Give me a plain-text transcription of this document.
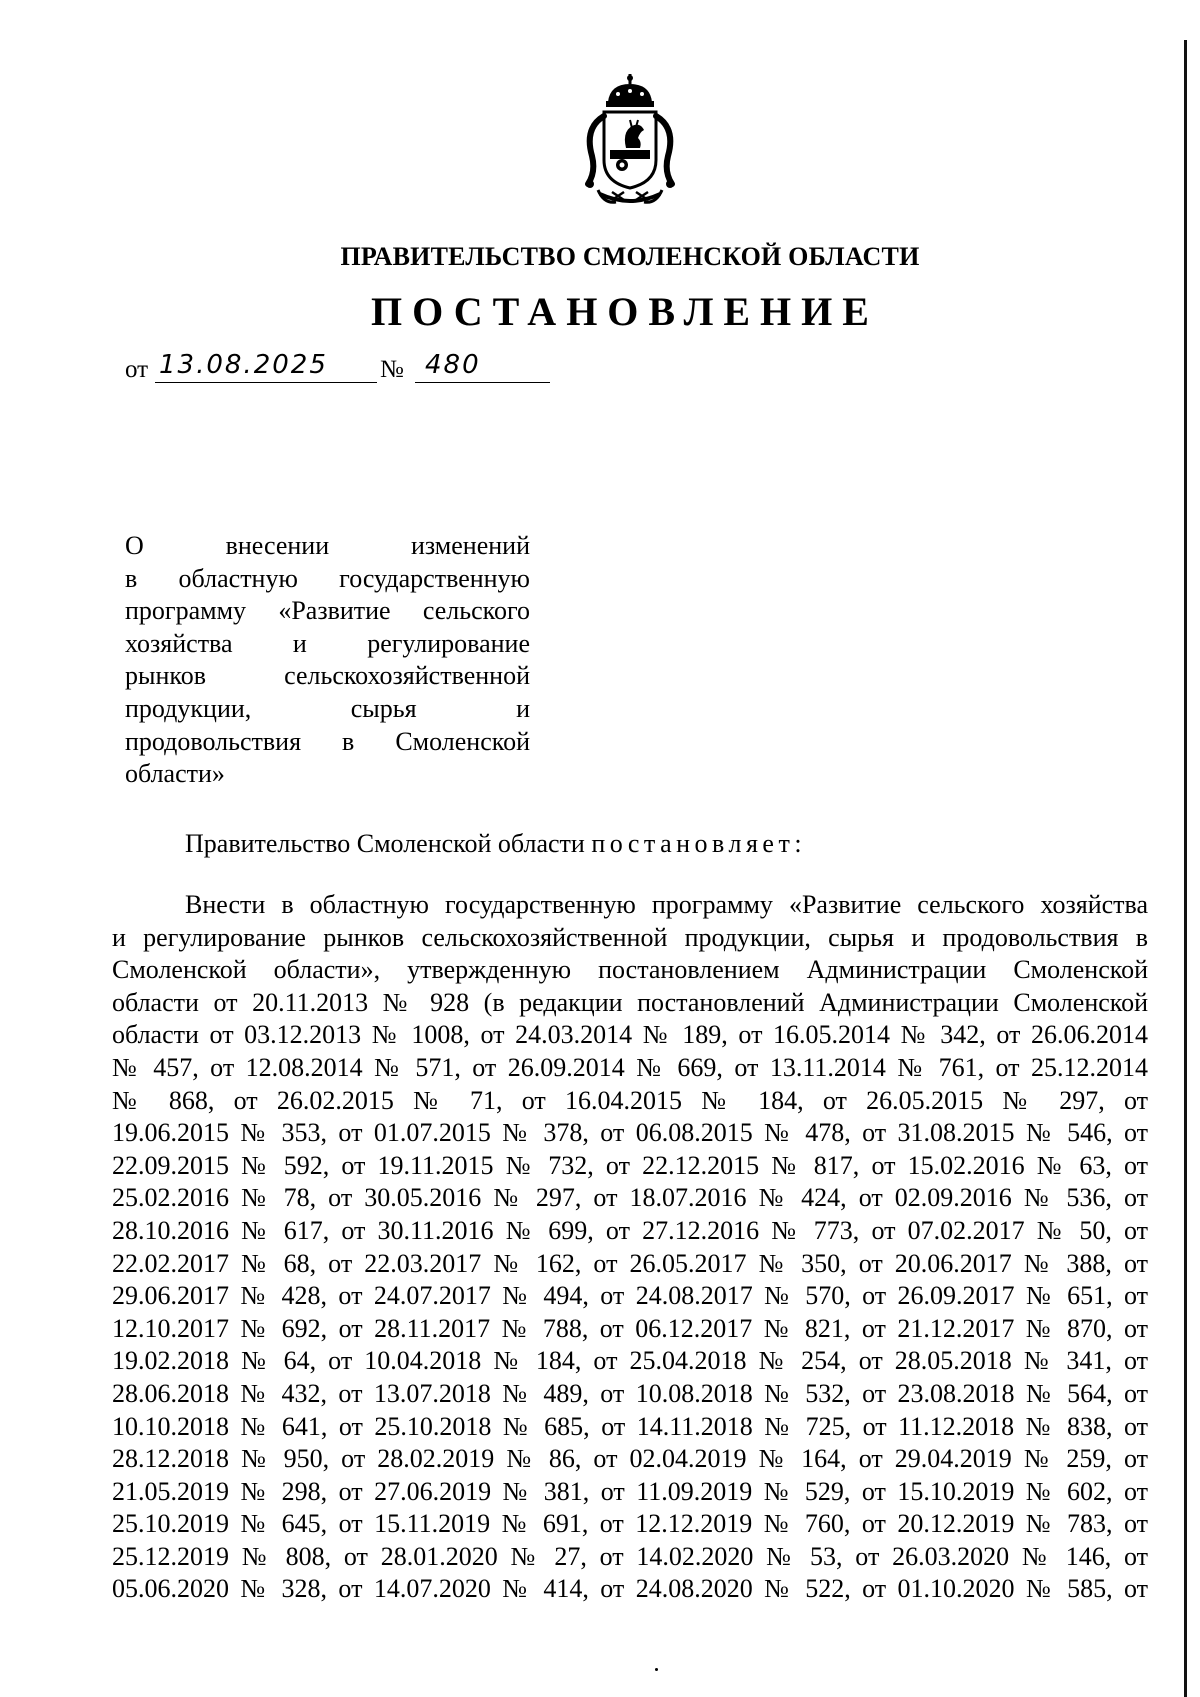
ПРАВИТЕЛЬСТВО СМОЛЕНСКОЙ ОБЛАСТИ
ПОСТАНОВЛЕНИЕ
от 13.08.2025 № 480
О внесении изменений
в областную государственную
программу «Развитие сельского
хозяйства и регулирование
рынков сельскохозяйственной
продукции, сырья и
продовольствия в Смоленской
области»
Правительство Смоленской области постановляет:
Внести в областную государственную программу «Развитие сельского хозяйства
и регулирование рынков сельскохозяйственной продукции, сырья и продовольствия в
Смоленской области», утвержденную постановлением Администрации Смоленской
области от 20.11.2013 № 928 (в редакции постановлений Администрации Смоленской
области от 03.12.2013 № 1008, от 24.03.2014 № 189, от 16.05.2014 № 342, от 26.06.2014
№ 457, от 12.08.2014 № 571, от 26.09.2014 № 669, от 13.11.2014 № 761, от 25.12.2014
№ 868, от 26.02.2015 № 71, от 16.04.2015 № 184, от 26.05.2015 № 297, от
19.06.2015 № 353, от 01.07.2015 № 378, от 06.08.2015 № 478, от 31.08.2015 № 546, от
22.09.2015 № 592, от 19.11.2015 № 732, от 22.12.2015 № 817, от 15.02.2016 № 63, от
25.02.2016 № 78, от 30.05.2016 № 297, от 18.07.2016 № 424, от 02.09.2016 № 536, от
28.10.2016 № 617, от 30.11.2016 № 699, от 27.12.2016 № 773, от 07.02.2017 № 50, от
22.02.2017 № 68, от 22.03.2017 № 162, от 26.05.2017 № 350, от 20.06.2017 № 388, от
29.06.2017 № 428, от 24.07.2017 № 494, от 24.08.2017 № 570, от 26.09.2017 № 651, от
12.10.2017 № 692, от 28.11.2017 № 788, от 06.12.2017 № 821, от 21.12.2017 № 870, от
19.02.2018 № 64, от 10.04.2018 № 184, от 25.04.2018 № 254, от 28.05.2018 № 341, от
28.06.2018 № 432, от 13.07.2018 № 489, от 10.08.2018 № 532, от 23.08.2018 № 564, от
10.10.2018 № 641, от 25.10.2018 № 685, от 14.11.2018 № 725, от 11.12.2018 № 838, от
28.12.2018 № 950, от 28.02.2019 № 86, от 02.04.2019 № 164, от 29.04.2019 № 259, от
21.05.2019 № 298, от 27.06.2019 № 381, от 11.09.2019 № 529, от 15.10.2019 № 602, от
25.10.2019 № 645, от 15.11.2019 № 691, от 12.12.2019 № 760, от 20.12.2019 № 783, от
25.12.2019 № 808, от 28.01.2020 № 27, от 14.02.2020 № 53, от 26.03.2020 № 146, от
05.06.2020 № 328, от 14.07.2020 № 414, от 24.08.2020 № 522, от 01.10.2020 № 585, от
